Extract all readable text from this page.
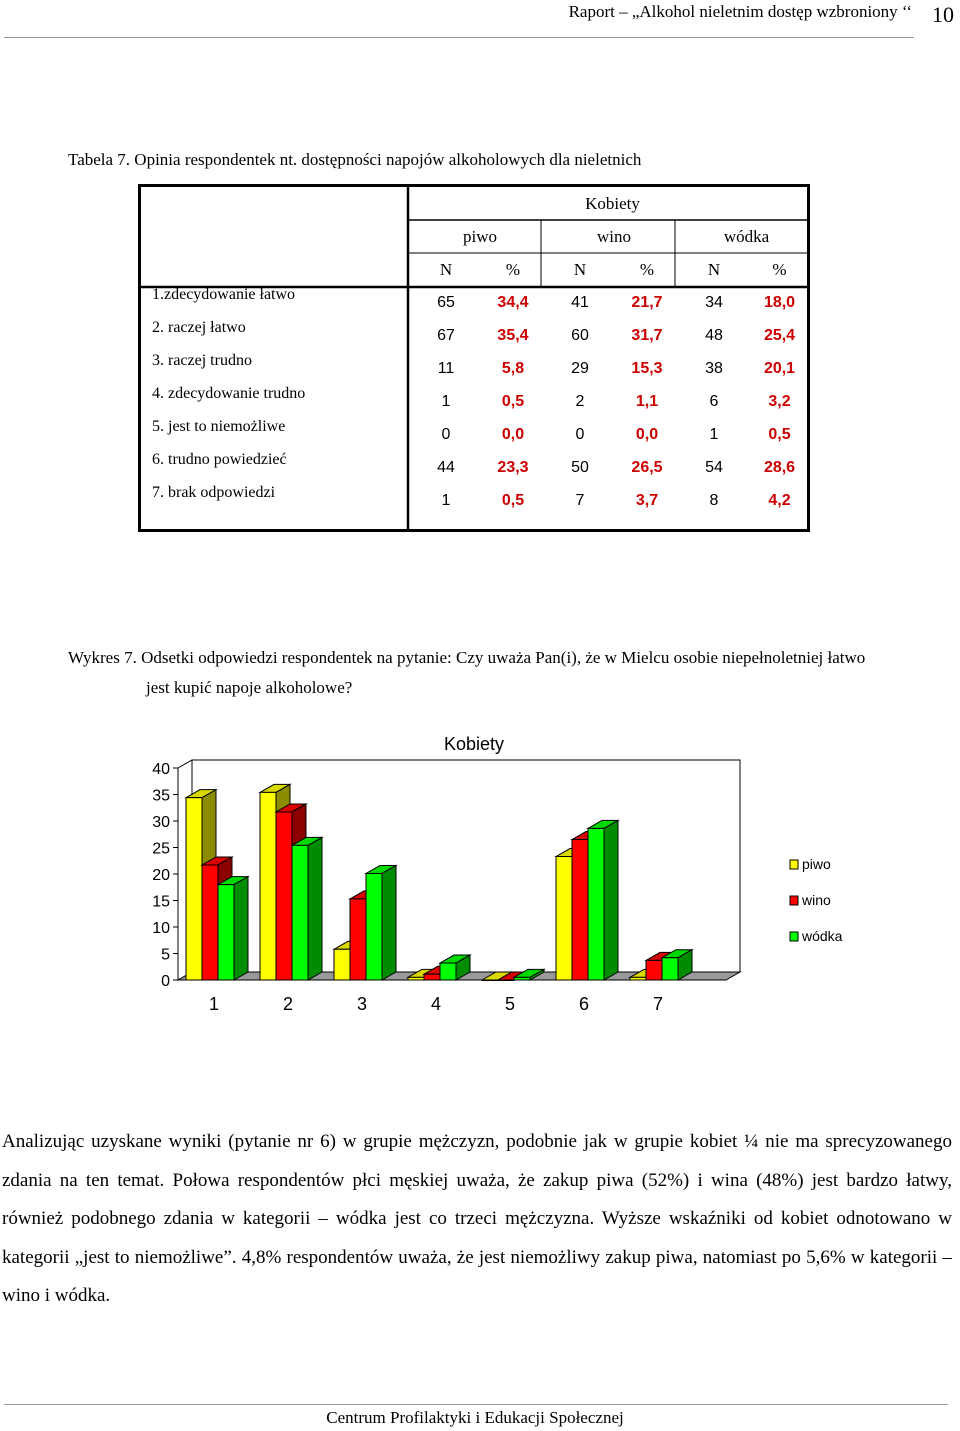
Raport – „Alkohol nieletnim dostęp wzbroniony ‘‘ 10
Tabela 7. Opinia respondentek nt. dostępności napojów alkoholowych dla nieletnich
	Kobiety					
	piwo		wino		wódka	
	N	%	N	%	N	%
1.zdecydowanie łatwo	65	34,4	41	21,7	34	18,0
2. raczej łatwo	67	35,4	60	31,7	48	25,4
3. raczej trudno	11	5,8	29	15,3	38	20,1
4. zdecydowanie trudno	1	0,5	2	1,1	6	3,2
5. jest to niemożliwe	0	0,0	0	0,0	1	0,5
6. trudno powiedzieć	44	23,3	50	26,5	54	28,6
7. brak odpowiedzi	1	0,5	7	3,7	8	4,2
Wykres 7. Odsetki odpowiedzi respondentek na pytanie: Czy uważa Pan(i), że w Mielcu osobie niepełnoletniej łatwo
jest kupić napoje alkoholowe?
Kobiety
0
5
10
15
20
25
30
35
40
1	2	3	4	5	6	7
piwo
wino
wódka
Analizując uzyskane wyniki (pytanie nr 6) w grupie mężczyzn, podobnie jak w grupie kobiet ¼ nie ma sprecyzowanego zdania na ten temat. Połowa respondentów płci męskiej uważa, że zakup piwa (52%) i wina (48%) jest bardzo łatwy, również podobnego zdania w kategorii – wódka jest co trzeci mężczyzna. Wyższe wskaźniki od kobiet odnotowano w kategorii „jest to niemożliwe”. 4,8% respondentów uważa, że jest niemożliwy zakup piwa, natomiast po 5,6% w kategorii – wino i wódka.
Centrum Profilaktyki i Edukacji Społecznej
